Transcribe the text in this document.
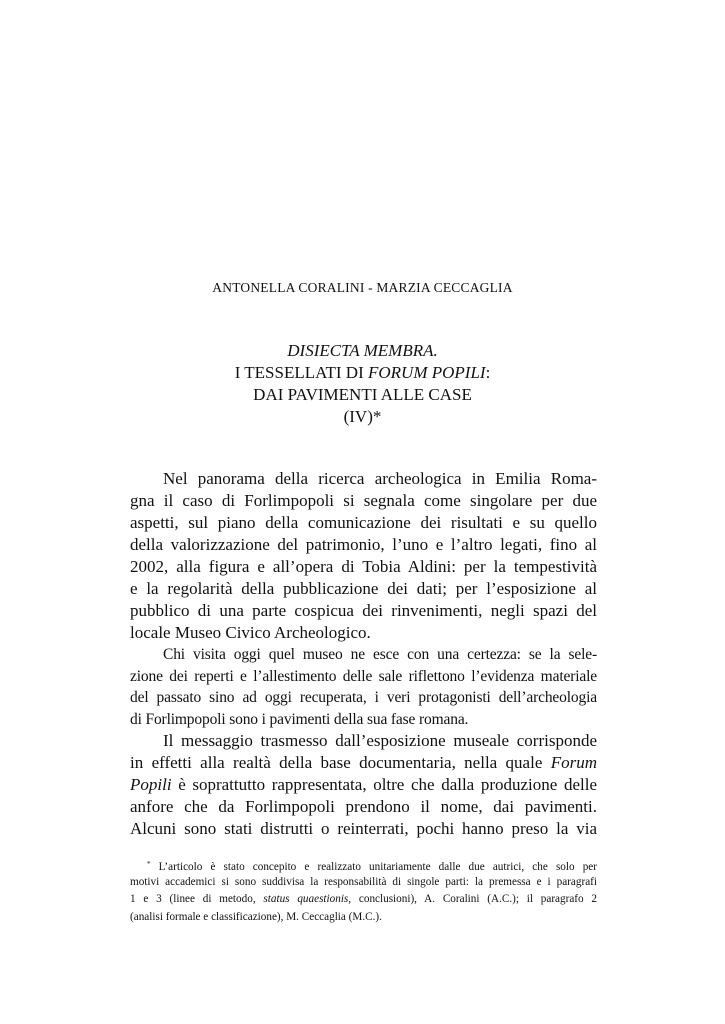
ANTONELLA CORALINI - MARZIA CECCAGLIA
DISIECTA MEMBRA.
I TESSELLATI DI FORUM POPILI:
DAI PAVIMENTI ALLE CASE
(IV)*
Nel panorama della ricerca archeologica in Emilia Roma-
gna il caso di Forlimpopoli si segnala come singolare per due
aspetti, sul piano della comunicazione dei risultati e su quello
della valorizzazione del patrimonio, l’uno e l’altro legati, fino al
2002, alla figura e all’opera di Tobia Aldini: per la tempestività
e la regolarità della pubblicazione dei dati; per l’esposizione al
pubblico di una parte cospicua dei rinvenimenti, negli spazi del
locale Museo Civico Archeologico.
Chi visita oggi quel museo ne esce con una certezza: se la sele-
zione dei reperti e l’allestimento delle sale riflettono l’evidenza materiale
del passato sino ad oggi recuperata, i veri protagonisti dell’archeologia
di Forlimpopoli sono i pavimenti della sua fase romana.
Il messaggio trasmesso dall’esposizione museale corrisponde
in effetti alla realtà della base documentaria, nella quale Forum
Popili è soprattutto rappresentata, oltre che dalla produzione delle
anfore che da Forlimpopoli prendono il nome, dai pavimenti.
Alcuni sono stati distrutti o reinterrati, pochi hanno preso la via
* L’articolo è stato concepito e realizzato unitariamente dalle due autrici, che solo per
motivi accademici si sono suddivisa la responsabilità di singole parti: la premessa e i paragrafi
1 e 3 (linee di metodo, status quaestionis, conclusioni), A. Coralini (A.C.); il paragrafo 2
(analisi formale e classificazione), M. Ceccaglia (M.C.).
